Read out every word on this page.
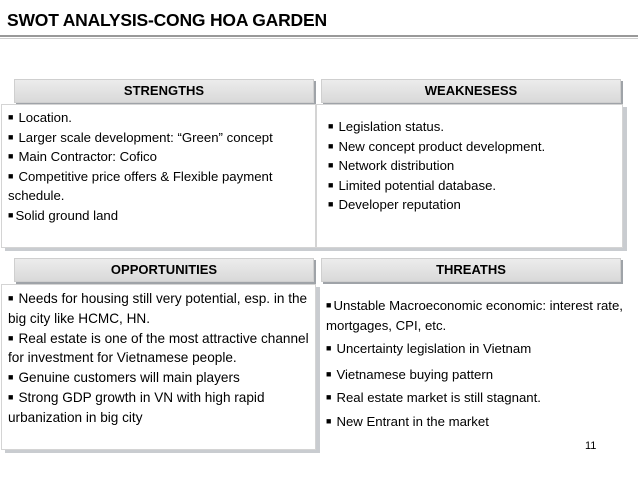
SWOT ANALYSIS-CONG HOA GARDEN
STRENGTHS
■ Location.
■ Larger scale development: “Green” concept
■ Main Contractor: Cofico
■ Competitive price offers & Flexible payment schedule.
■ Solid ground land
WEAKNESESS
■ Legislation status.
■ New concept product development.
■ Network distribution
■ Limited potential database.
■ Developer reputation
OPPORTUNITIES
■ Needs for housing still very potential, esp. in the big city like HCMC, HN.
■ Real estate is one of the most attractive channel for investment for Vietnamese people.
■ Genuine customers will main players
■ Strong GDP growth in VN with high rapid urbanization in big city
THREATHS
■ Unstable Macroeconomic economic: interest rate, mortgages, CPI, etc.
■ Uncertainty legislation in Vietnam
■ Vietnamese buying pattern
■ Real estate market is still stagnant.
■ New Entrant in the market
11
